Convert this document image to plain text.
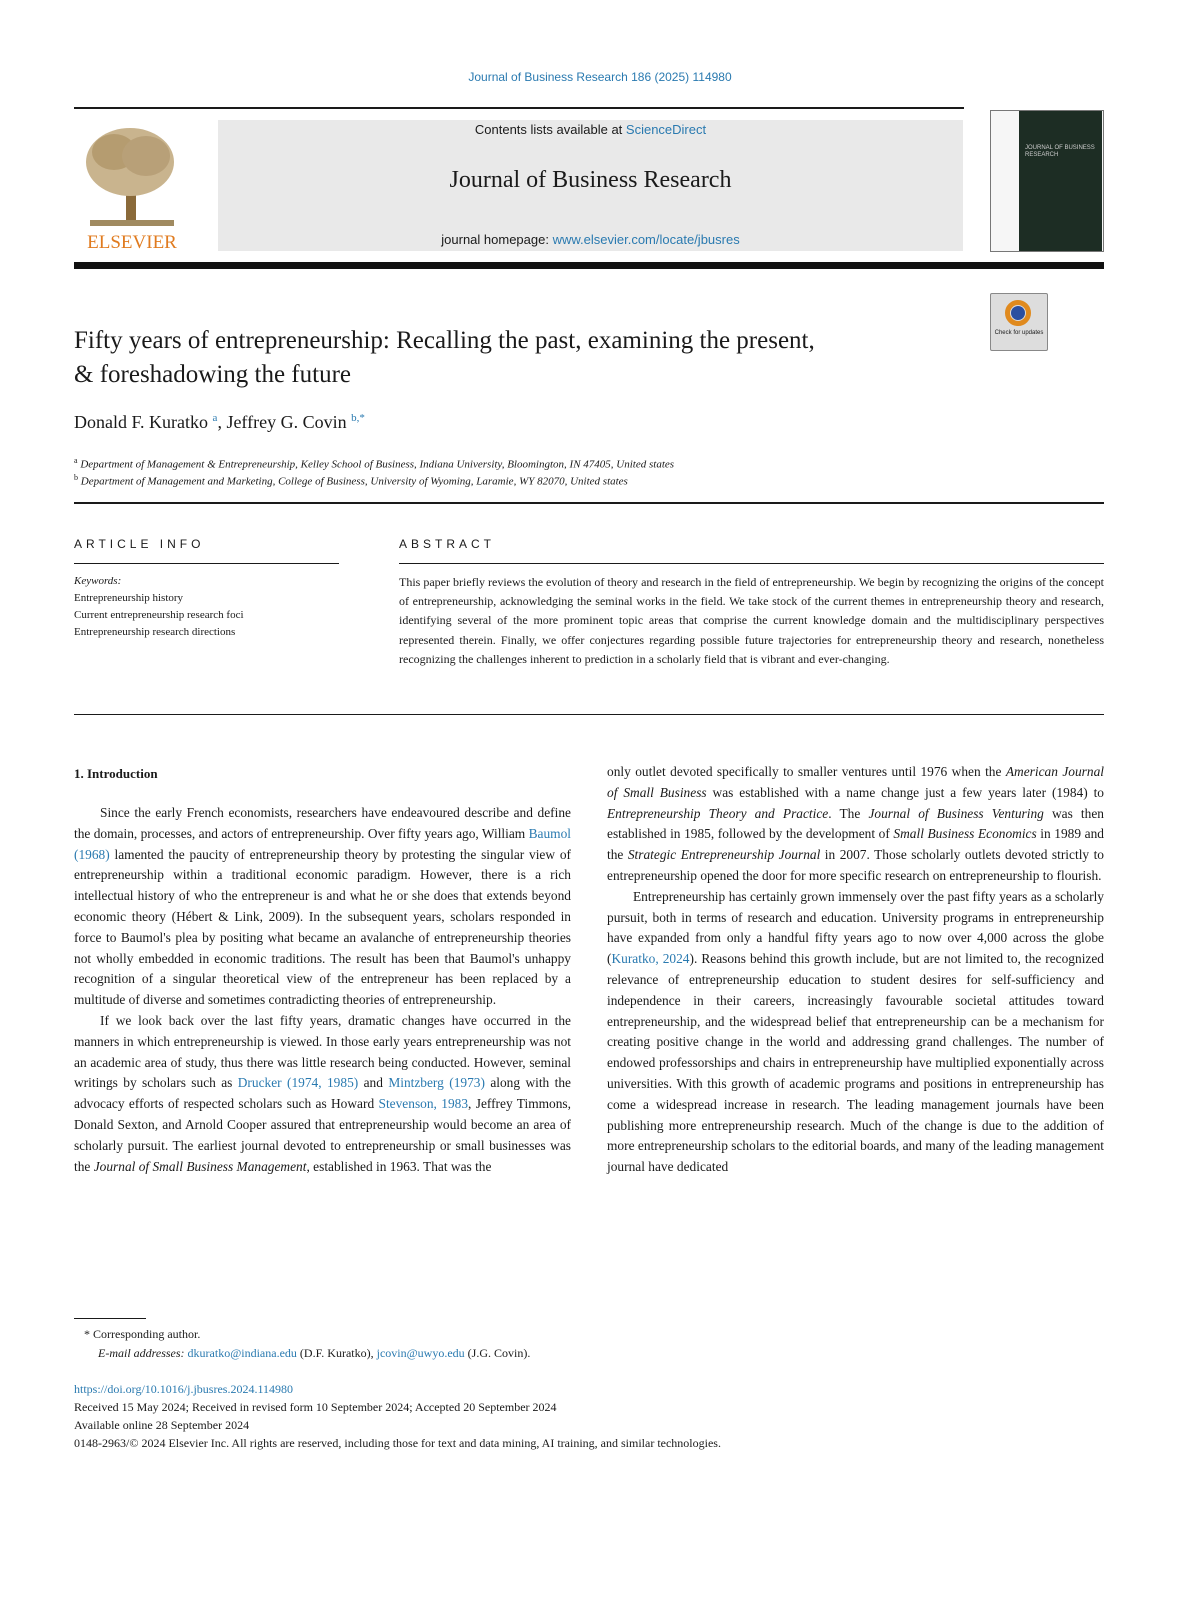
Journal of Business Research 186 (2025) 114980
ELSEVIER
Contents lists available at ScienceDirect
Journal of Business Research
journal homepage: www.elsevier.com/locate/jbusres
JOURNAL OF BUSINESS RESEARCH
Check for updates
Fifty years of entrepreneurship: Recalling the past, examining the present,
& foreshadowing the future
Donald F. Kuratko $^a$, Jeffrey G. Covin $^{b,*}$
$^a$ Department of Management & Entrepreneurship, Kelley School of Business, Indiana University, Bloomington, IN 47405, United states
$^b$ Department of Management and Marketing, College of Business, University of Wyoming, Laramie, WY 82070, United states
ARTICLE INFO
Keywords:
Entrepreneurship history
Current entrepreneurship research foci
Entrepreneurship research directions
ABSTRACT
This paper briefly reviews the evolution of theory and research in the field of entrepreneurship. We begin by recognizing the origins of the concept of entrepreneurship, acknowledging the seminal works in the field. We take stock of the current themes in entrepreneurship theory and research, identifying several of the more prominent topic areas that comprise the current knowledge domain and the multidisciplinary perspectives represented therein. Finally, we offer conjectures regarding possible future trajectories for entrepreneurship theory and research, nonetheless recognizing the challenges inherent to prediction in a scholarly field that is vibrant and ever-changing.
1. Introduction

Since the early French economists, researchers have endeavoured describe and define the domain, processes, and actors of entrepreneurship. Over fifty years ago, William Baumol (1968) lamented the paucity of entrepreneurship theory by protesting the singular view of entrepreneurship within a traditional economic paradigm. However, there is a rich intellectual history of who the entrepreneur is and what he or she does that extends beyond economic theory (Hébert & Link, 2009). In the subsequent years, scholars responded in force to Baumol's plea by positing what became an avalanche of entrepreneurship theories not wholly embedded in economic traditions. The result has been that Baumol's unhappy recognition of a singular theoretical view of the entrepreneur has been replaced by a multitude of diverse and sometimes contradicting theories of entrepreneurship.

If we look back over the last fifty years, dramatic changes have occurred in the manners in which entrepreneurship is viewed. In those early years entrepreneurship was not an academic area of study, thus there was little research being conducted. However, seminal writings by scholars such as Drucker (1974, 1985) and Mintzberg (1973) along with the advocacy efforts of respected scholars such as Howard Stevenson, 1983, Jeffrey Timmons, Donald Sexton, and Arnold Cooper assured that entrepreneurship would become an area of scholarly pursuit. The earliest journal devoted to entrepreneurship or small businesses was the Journal of Small Business Management, established in 1963. That was the

only outlet devoted specifically to smaller ventures until 1976 when the American Journal of Small Business was established with a name change just a few years later (1984) to Entrepreneurship Theory and Practice. The Journal of Business Venturing was then established in 1985, followed by the development of Small Business Economics in 1989 and the Strategic Entrepreneurship Journal in 2007. Those scholarly outlets devoted strictly to entrepreneurship opened the door for more specific research on entrepreneurship to flourish.

Entrepreneurship has certainly grown immensely over the past fifty years as a scholarly pursuit, both in terms of research and education. University programs in entrepreneurship have expanded from only a handful fifty years ago to now over 4,000 across the globe (Kuratko, 2024). Reasons behind this growth include, but are not limited to, the recognized relevance of entrepreneurship education to student desires for self-sufficiency and independence in their careers, increasingly favourable societal attitudes toward entrepreneurship, and the widespread belief that entrepreneurship can be a mechanism for creating positive change in the world and addressing grand challenges. The number of endowed professorships and chairs in entrepreneurship have multiplied exponentially across universities. With this growth of academic programs and positions in entrepreneurship has come a widespread increase in research. The leading management journals have been publishing more entrepreneurship research. Much of the change is due to the addition of more entrepreneurship scholars to the editorial boards, and many of the leading management journal have dedicated

* Corresponding author.
E-mail addresses: dkuratko@indiana.edu (D.F. Kuratko), jcovin@uwyo.edu (J.G. Covin).
https://doi.org/10.1016/j.jbusres.2024.114980
Received 15 May 2024; Received in revised form 10 September 2024; Accepted 20 September 2024
Available online 28 September 2024
0148-2963/© 2024 Elsevier Inc. All rights are reserved, including those for text and data mining, AI training, and similar technologies.
